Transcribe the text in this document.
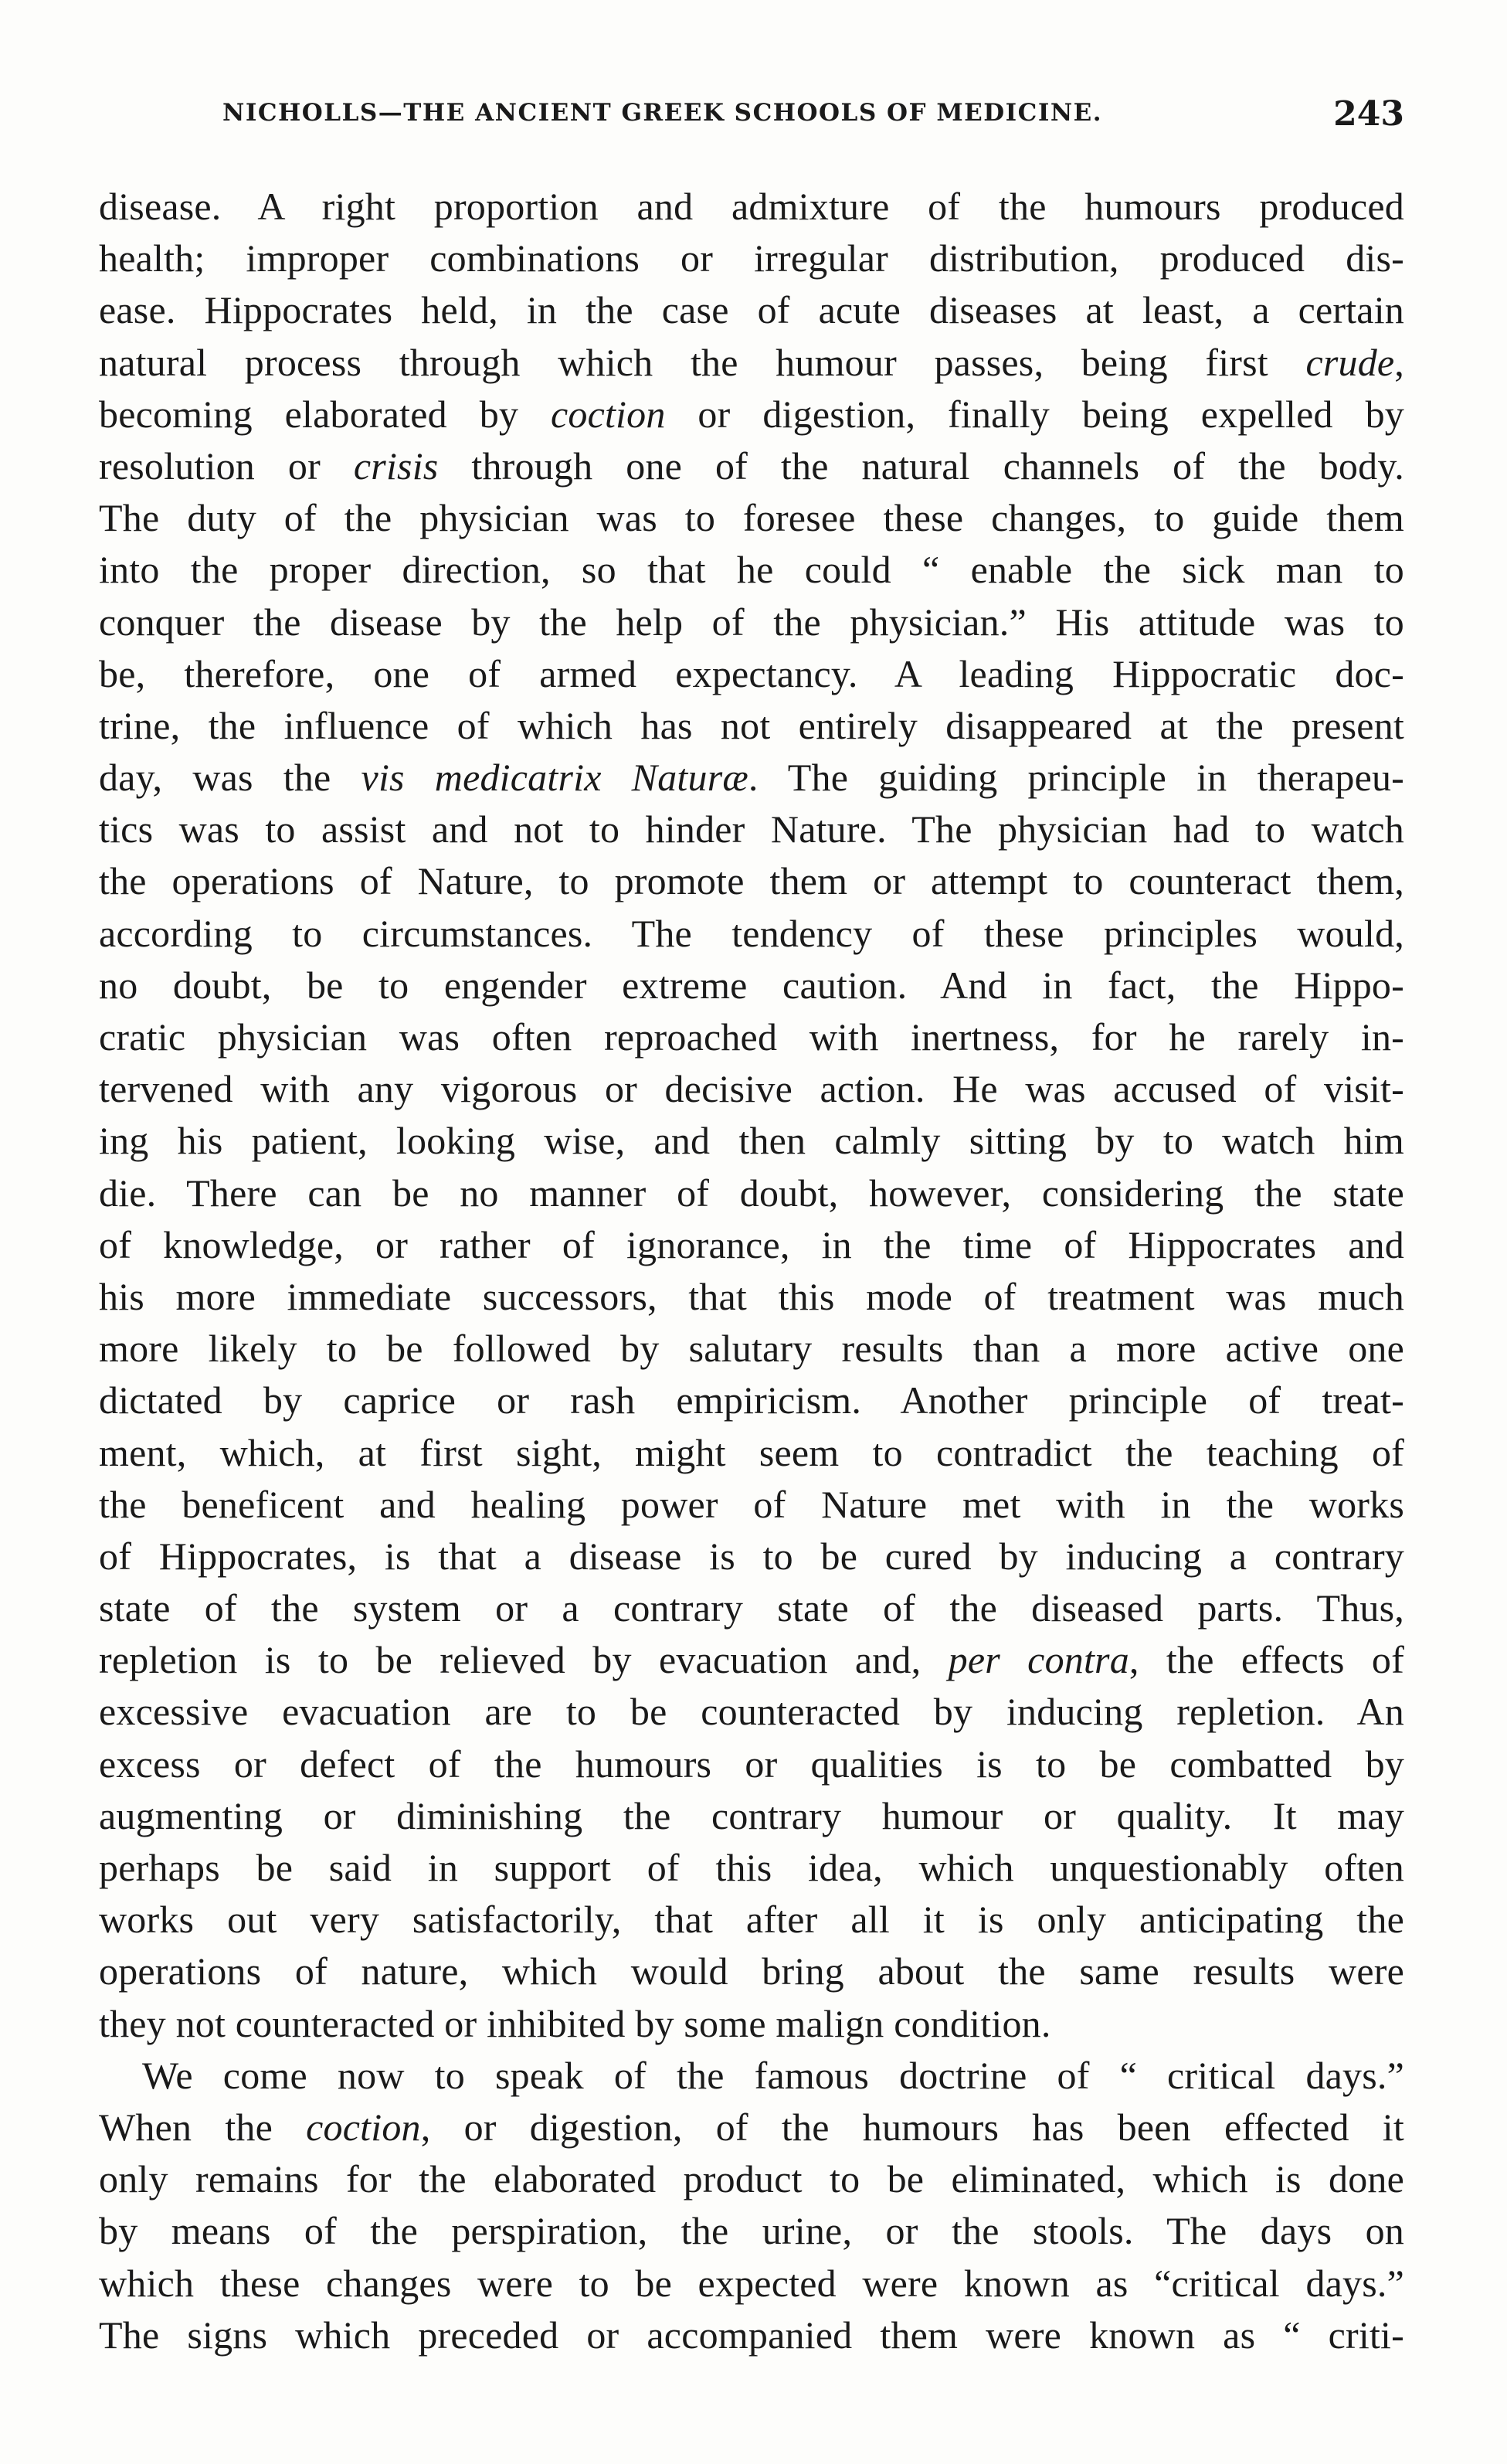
NICHOLLS—THE ANCIENT GREEK SCHOOLS OF MEDICINE.	243
disease. A right proportion and admixture of the humours produced
health; improper combinations or irregular distribution, produced dis-
ease. Hippocrates held, in the case of acute diseases at least, a certain
natural process through which the humour passes, being first crude,
becoming elaborated by coction or digestion, finally being expelled by
resolution or crisis through one of the natural channels of the body.
The duty of the physician was to foresee these changes, to guide them
into the proper direction, so that he could “ enable the sick man to
conquer the disease by the help of the physician.” His attitude was to
be, therefore, one of armed expectancy. A leading Hippocratic doc-
trine, the influence of which has not entirely disappeared at the present
day, was the vis medicatrix Naturæ. The guiding principle in therapeu-
tics was to assist and not to hinder Nature. The physician had to watch
the operations of Nature, to promote them or attempt to counteract them,
according to circumstances. The tendency of these principles would,
no doubt, be to engender extreme caution. And in fact, the Hippo-
cratic physician was often reproached with inertness, for he rarely in-
tervened with any vigorous or decisive action. He was accused of visit-
ing his patient, looking wise, and then calmly sitting by to watch him
die. There can be no manner of doubt, however, considering the state
of knowledge, or rather of ignorance, in the time of Hippocrates and
his more immediate successors, that this mode of treatment was much
more likely to be followed by salutary results than a more active one
dictated by caprice or rash empiricism. Another principle of treat-
ment, which, at first sight, might seem to contradict the teaching of
the beneficent and healing power of Nature met with in the works
of Hippocrates, is that a disease is to be cured by inducing a contrary
state of the system or a contrary state of the diseased parts. Thus,
repletion is to be relieved by evacuation and, per contra, the effects of
excessive evacuation are to be counteracted by inducing repletion. An
excess or defect of the humours or qualities is to be combatted by
augmenting or diminishing the contrary humour or quality. It may
perhaps be said in support of this idea, which unquestionably often
works out very satisfactorily, that after all it is only anticipating the
operations of nature, which would bring about the same results were
they not counteracted or inhibited by some malign condition.
We come now to speak of the famous doctrine of “ critical days.”
When the coction, or digestion, of the humours has been effected it
only remains for the elaborated product to be eliminated, which is done
by means of the perspiration, the urine, or the stools. The days on
which these changes were to be expected were known as “critical days.”
The signs which preceded or accompanied them were known as “ criti-
